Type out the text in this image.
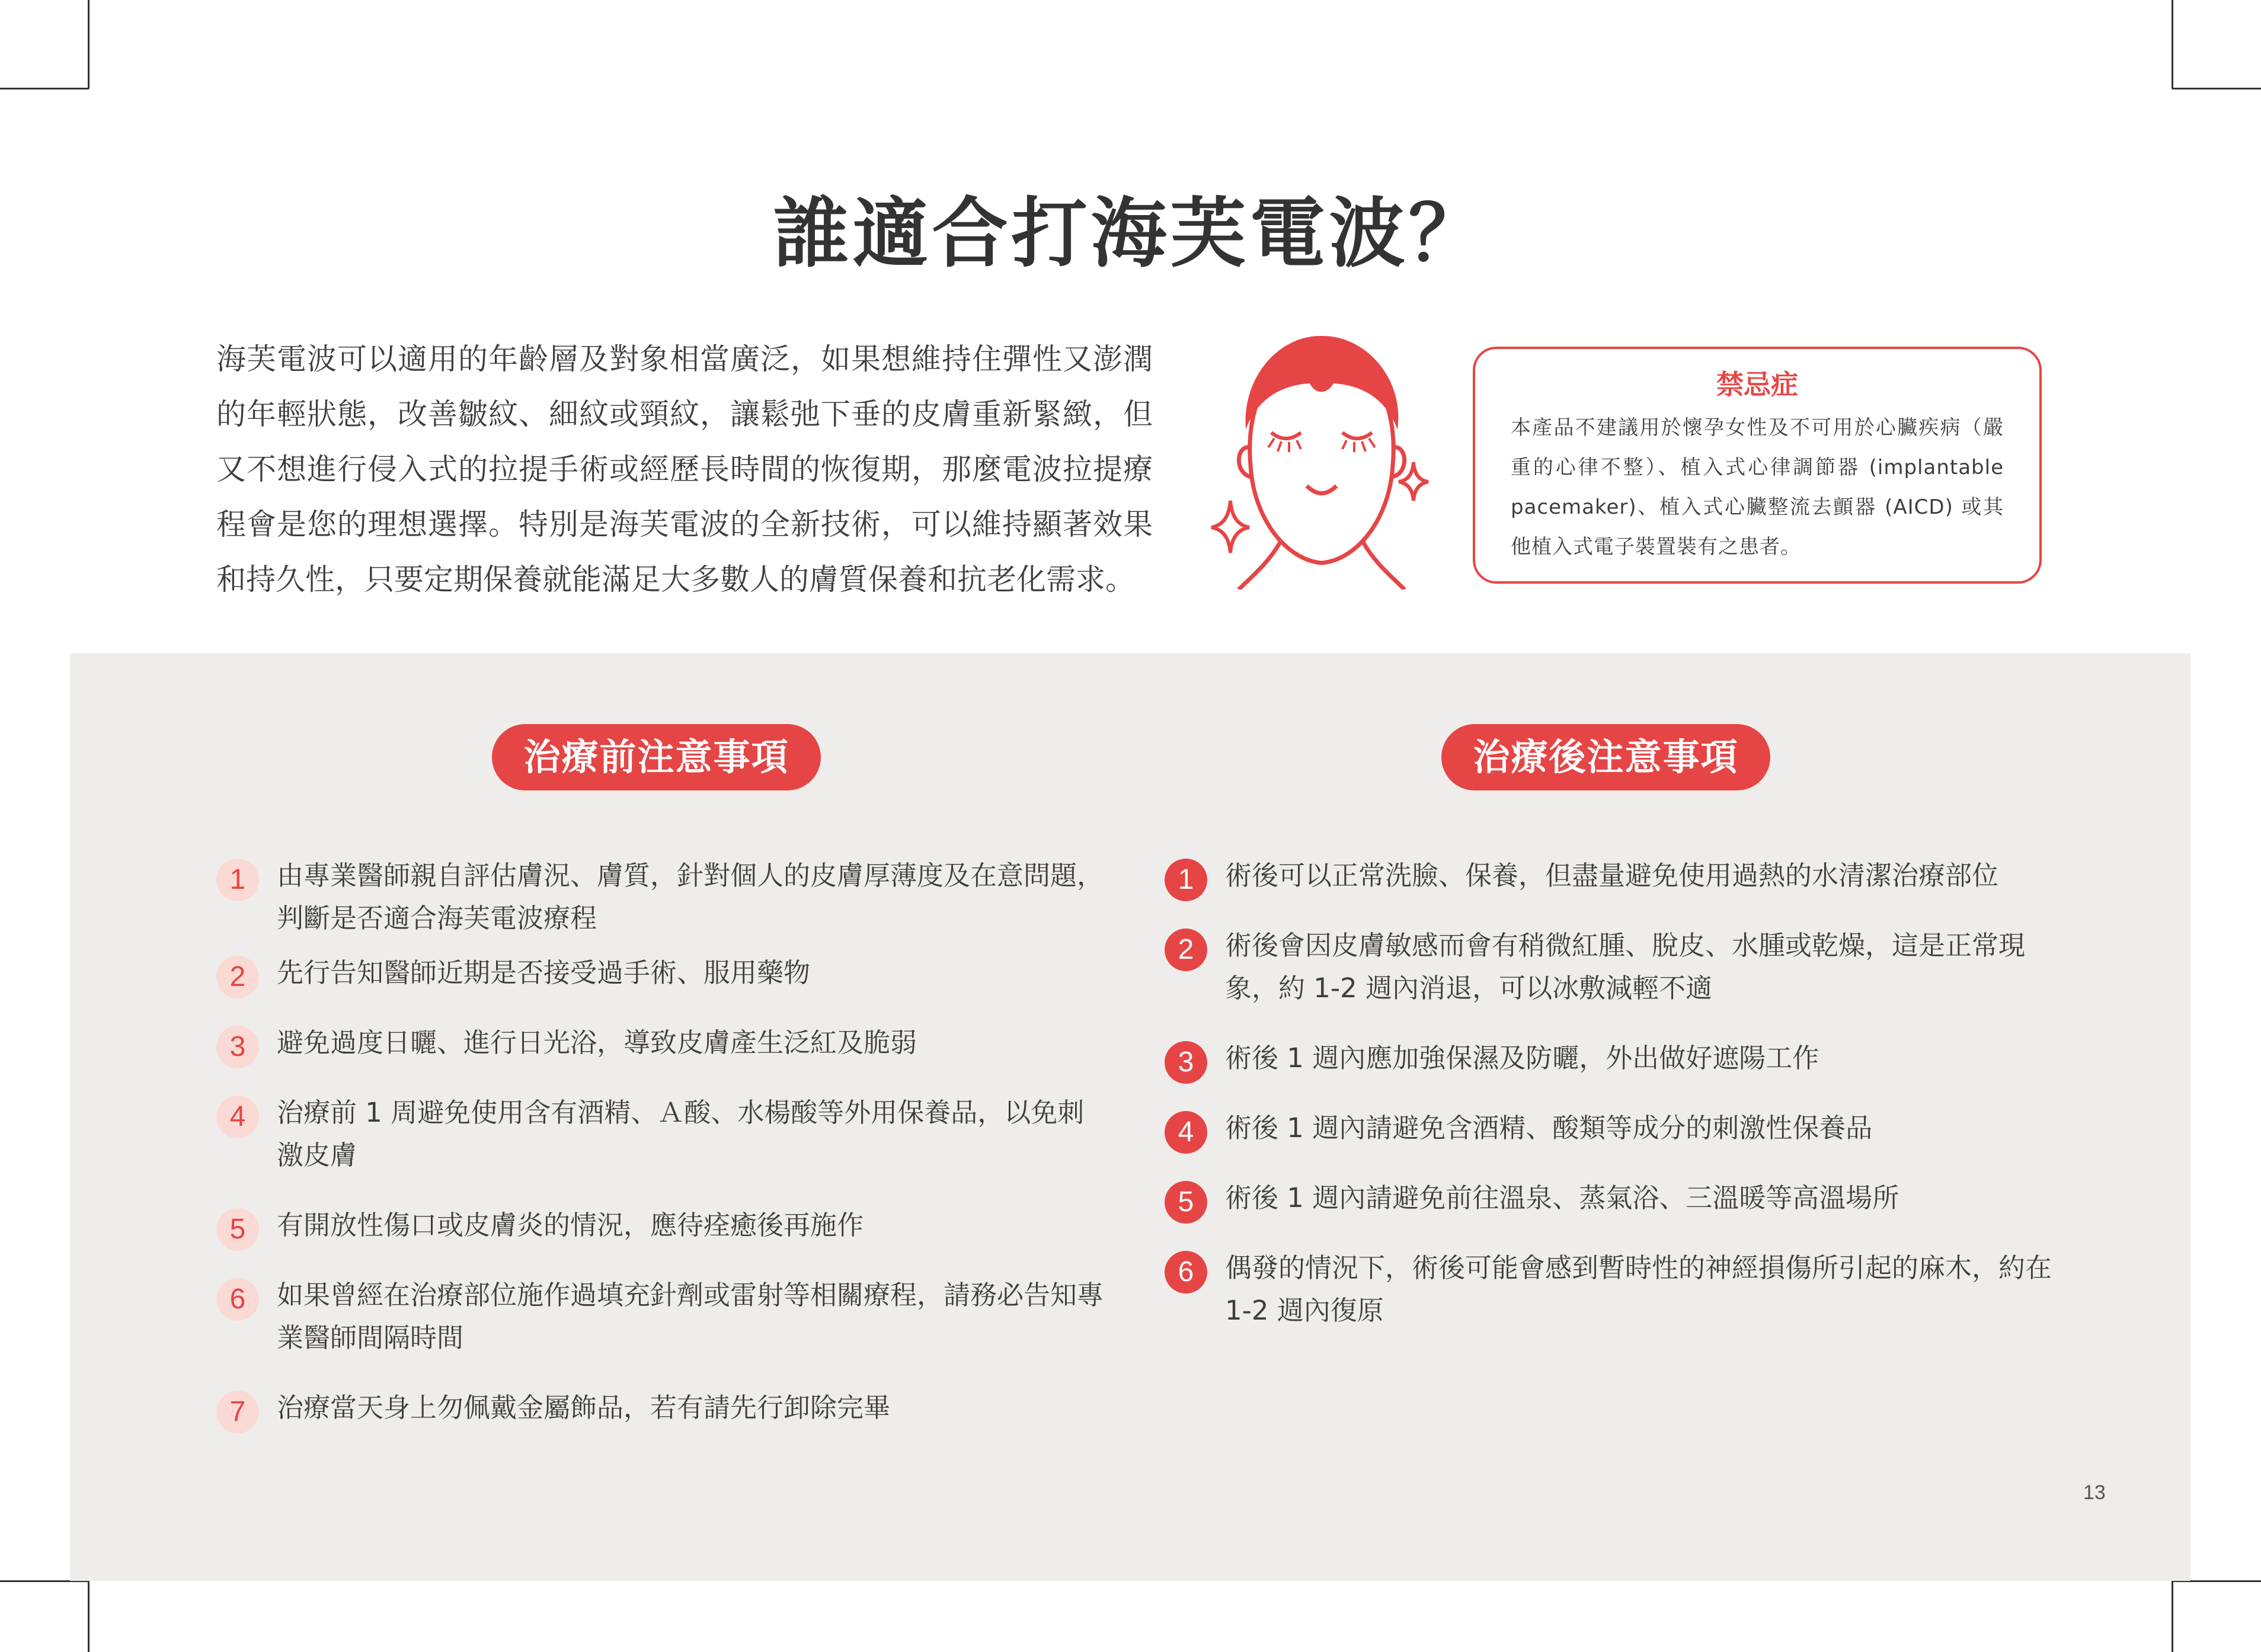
誰適合打海芙電波？

海芙電波可以適用的年齡層及對象相當廣泛，如果想維持住彈性又澎潤的年輕狀態，改善皺紋、細紋或頸紋，讓鬆弛下垂的皮膚重新緊緻，但又不想進行侵入式的拉提手術或經歷長時間的恢復期，那麼電波拉提療程會是您的理想選擇。特別是海芙電波的全新技術，可以維持顯著效果和持久性，只要定期保養就能滿足大多數人的膚質保養和抗老化需求。

禁忌症
本產品不建議用於懷孕女性及不可用於心臟疾病（嚴重的心律不整）、植入式心律調節器 (implantable pacemaker)、植入式心臟整流去顫器 (AICD) 或其他植入式電子裝置裝有之患者。
治療前注意事項	治療後注意事項
1	由專業醫師親自評估膚況、膚質，針對個人的皮膚厚薄度及在意問題，判斷是否適合海芙電波療程
2	先行告知醫師近期是否接受過手術、服用藥物
3	避免過度日曬、進行日光浴，導致皮膚產生泛紅及脆弱
4	治療前 1 周避免使用含有酒精、Ａ酸、水楊酸等外用保養品，以免刺激皮膚
5	有開放性傷口或皮膚炎的情況，應待痊癒後再施作
6	如果曾經在治療部位施作過填充針劑或雷射等相關療程，請務必告知專業醫師間隔時間
7	治療當天身上勿佩戴金屬飾品，若有請先行卸除完畢
1	術後可以正常洗臉、保養，但盡量避免使用過熱的水清潔治療部位
2	術後會因皮膚敏感而會有稍微紅腫、脫皮、水腫或乾燥，這是正常現象，約 1-2 週內消退，可以冰敷減輕不適
3	術後 1 週內應加強保濕及防曬，外出做好遮陽工作
4	術後 1 週內請避免含酒精、酸類等成分的刺激性保養品
5	術後 1 週內請避免前往溫泉、蒸氣浴、三溫暖等高溫場所
6	偶發的情況下，術後可能會感到暫時性的神經損傷所引起的麻木，約在 1-2 週內復原
13
